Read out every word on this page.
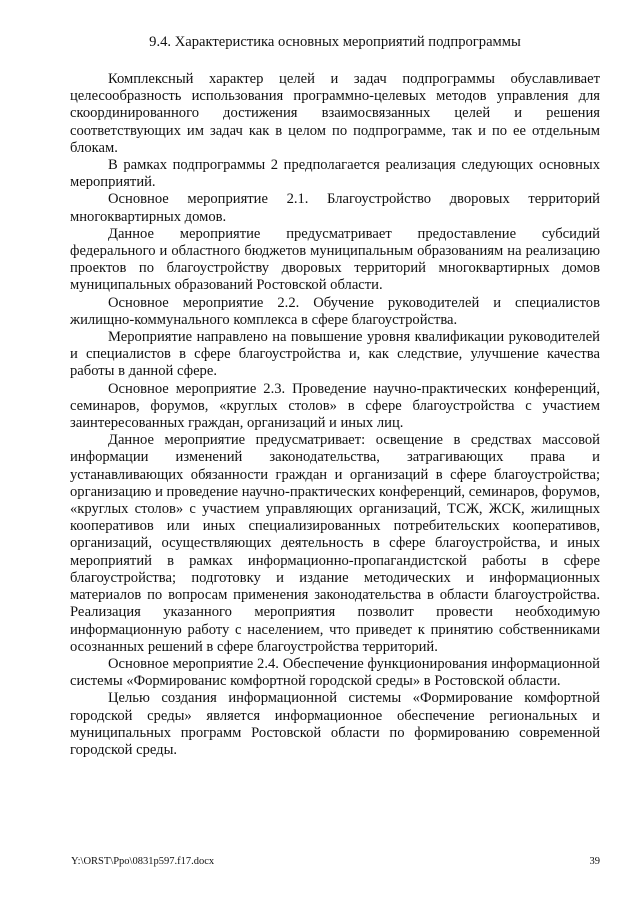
9.4. Характеристика основных мероприятий подпрограммы

Комплексный характер целей и задач подпрограммы обуславливает целесообразность использования программно-целевых методов управления для скоординированного достижения взаимосвязанных целей и решения соответствующих им задач как в целом по подпрограмме, так и по ее отдельным блокам.

В рамках подпрограммы 2 предполагается реализация следующих основных мероприятий.

Основное мероприятие 2.1. Благоустройство дворовых территорий многоквартирных домов.

Данное мероприятие предусматривает предоставление субсидий федерального и областного бюджетов муниципальным образованиям на реализацию проектов по благоустройству дворовых территорий многоквартирных домов муниципальных образований Ростовской области.

Основное мероприятие 2.2. Обучение руководителей и специалистов жилищно-коммунального комплекса в сфере благоустройства.

Мероприятие направлено на повышение уровня квалификации руководителей и специалистов в сфере благоустройства и, как следствие, улучшение качества работы в данной сфере.

Основное мероприятие 2.3. Проведение научно-практических конференций, семинаров, форумов, «круглых столов» в сфере благоустройства с участием заинтересованных граждан, организаций и иных лиц.

Данное мероприятие предусматривает: освещение в средствах массовой информации изменений законодательства, затрагивающих права и устанавливающих обязанности граждан и организаций в сфере благоустройства; организацию и проведение научно-практических конференций, семинаров, форумов, «круглых столов» с участием управляющих организаций, ТСЖ, ЖСК, жилищных кооперативов или иных специализированных потребительских кооперативов, организаций, осуществляющих деятельность в сфере благоустройства, и иных мероприятий в рамках информационно-пропагандистской работы в сфере благоустройства; подготовку и издание методических и информационных материалов по вопросам применения законодательства в области благоустройства. Реализация указанного мероприятия позволит провести необходимую информационную работу с населением, что приведет к принятию собственниками осознанных решений в сфере благоустройства территорий.

Основное мероприятие 2.4. Обеспечение функционирования информационной системы «Формированис комфортной городской среды» в Ростовской области.

Целью создания информационной системы «Формирование комфортной городской среды» является информационное обеспечение региональных и муниципальных программ Ростовской области по формированию современной городской среды.

Y:\ORST\Ppo\0831p597.f17.docx	39
